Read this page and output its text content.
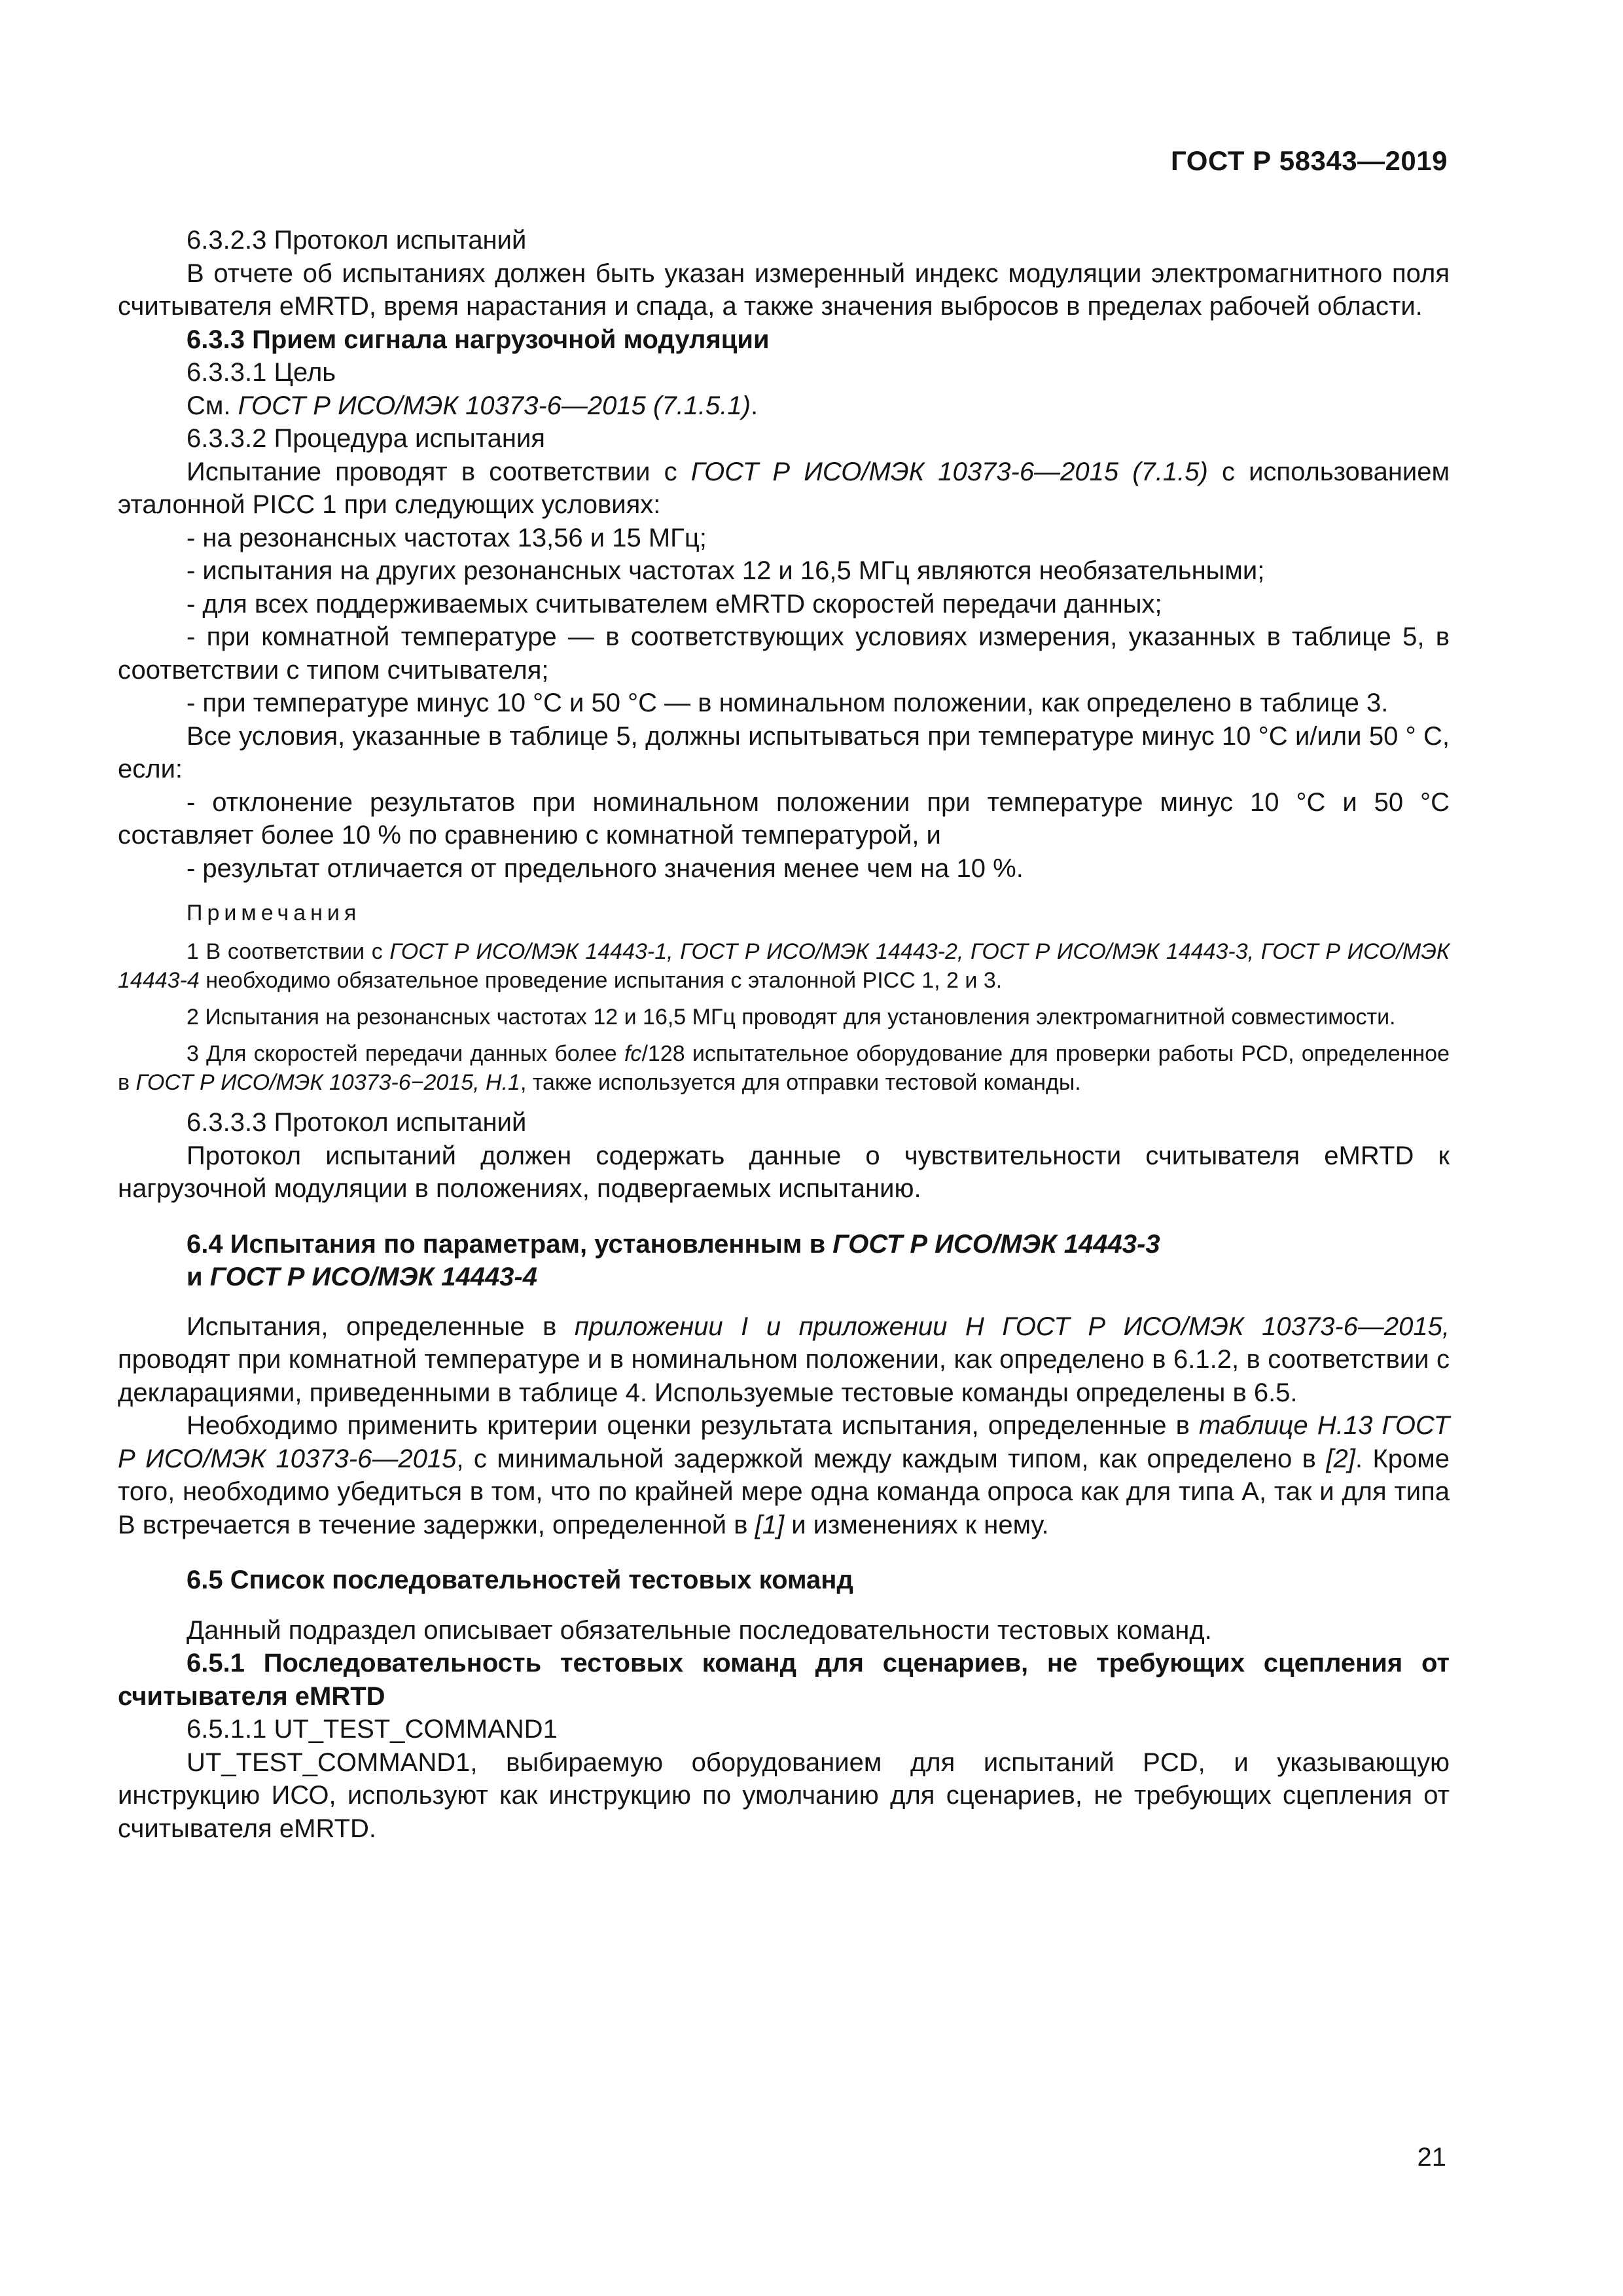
ГОСТ Р 58343—2019

6.3.2.3 Протокол испытаний

В отчете об испытаниях должен быть указан измеренный индекс модуляции электромагнитного поля считывателя eMRTD, время нарастания и спада, а также значения выбросов в пределах рабочей области.

6.3.3 Прием сигнала нагрузочной модуляции

6.3.3.1 Цель

См. ГОСТ Р ИСО/МЭК 10373-6—2015 (7.1.5.1).

6.3.3.2 Процедура испытания

Испытание проводят в соответствии с ГОСТ Р ИСО/МЭК 10373-6—2015 (7.1.5) с использованием эталонной PICC 1 при следующих условиях:

- на резонансных частотах 13,56 и 15 МГц;

- испытания на других резонансных частотах 12 и 16,5 МГц являются необязательными;

- для всех поддерживаемых считывателем eMRTD скоростей передачи данных;

- при комнатной температуре — в соответствующих условиях измерения, указанных в таблице 5, в соответствии с типом считывателя;

- при температуре минус 10 °С и 50 °С — в номинальном положении, как определено в таблице 3.

Все условия, указанные в таблице 5, должны испытываться при температуре минус 10 °С и/или 50 ° С, если:

- отклонение результатов при номинальном положении при температуре минус 10 °С и 50 °С составляет более 10 % по сравнению с комнатной температурой, и

- результат отличается от предельного значения менее чем на 10 %.

Примечания

1 В соответствии с ГОСТ Р ИСО/МЭК 14443-1, ГОСТ Р ИСО/МЭК 14443-2, ГОСТ Р ИСО/МЭК 14443-3, ГОСТ Р ИСО/МЭК 14443-4 необходимо обязательное проведение испытания с эталонной PICC 1, 2 и 3.

2 Испытания на резонансных частотах 12 и 16,5 МГц проводят для установления электромагнитной совместимости.

3 Для скоростей передачи данных более fc/128 испытательное оборудование для проверки работы PCD, определенное в ГОСТ Р ИСО/МЭК 10373-6−2015, Н.1, также используется для отправки тестовой команды.

6.3.3.3 Протокол испытаний

Протокол испытаний должен содержать данные о чувствительности считывателя eMRTD к нагрузочной модуляции в положениях, подвергаемых испытанию.

6.4 Испытания по параметрам, установленным в ГОСТ Р ИСО/МЭК 14443-3

и ГОСТ Р ИСО/МЭК 14443-4

Испытания, определенные в приложении I и приложении H ГОСТ Р ИСО/МЭК 10373-6—2015, проводят при комнатной температуре и в номинальном положении, как определено в 6.1.2, в соответствии с декларациями, приведенными в таблице 4. Используемые тестовые команды определены в 6.5.

Необходимо применить критерии оценки результата испытания, определенные в таблице H.13 ГОСТ Р ИСО/МЭК 10373-6—2015, с минимальной задержкой между каждым типом, как определено в [2]. Кроме того, необходимо убедиться в том, что по крайней мере одна команда опроса как для типа А, так и для типа В встречается в течение задержки, определенной в [1] и изменениях к нему.

6.5 Список последовательностей тестовых команд

Данный подраздел описывает обязательные последовательности тестовых команд.

6.5.1 Последовательность тестовых команд для сценариев, не требующих сцепления от считывателя eMRTD

6.5.1.1 UT_TEST_COMMAND1

UT_TEST_COMMAND1, выбираемую оборудованием для испытаний PCD, и указывающую инструкцию ИСО, используют как инструкцию по умолчанию для сценариев, не требующих сцепления от считывателя eMRTD.

21
